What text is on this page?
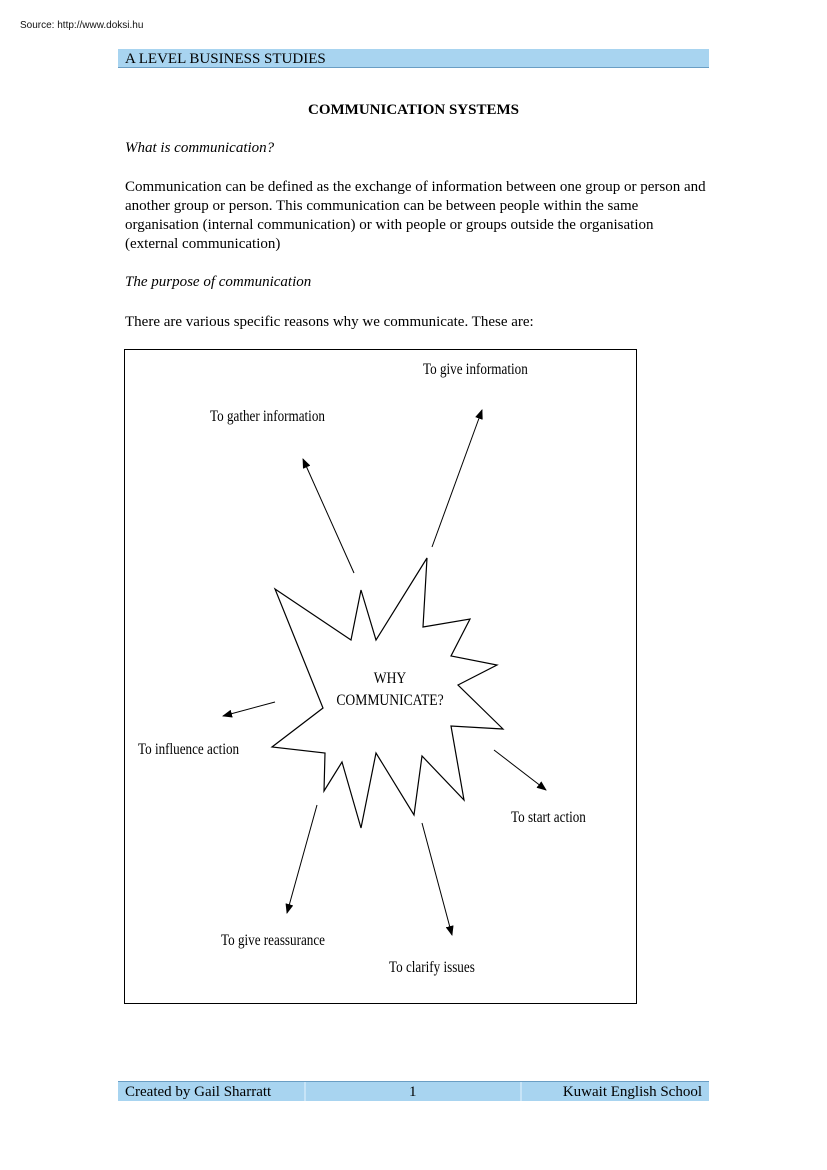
Source: http://www.doksi.hu
A LEVEL BUSINESS STUDIES
COMMUNICATION SYSTEMS
What is communication?
Communication can be defined as the exchange of information between one group or person and another group or person. This communication can be between people within the same organisation (internal communication) or with people or groups outside the organisation (external communication)
The purpose of communication
There are various specific reasons why we communicate. These are:
WHY
COMMUNICATE?
To give information
To gather information
To influence action
To start action
To give reassurance
To clarify issues
Created by Gail Sharratt	1	Kuwait English School
